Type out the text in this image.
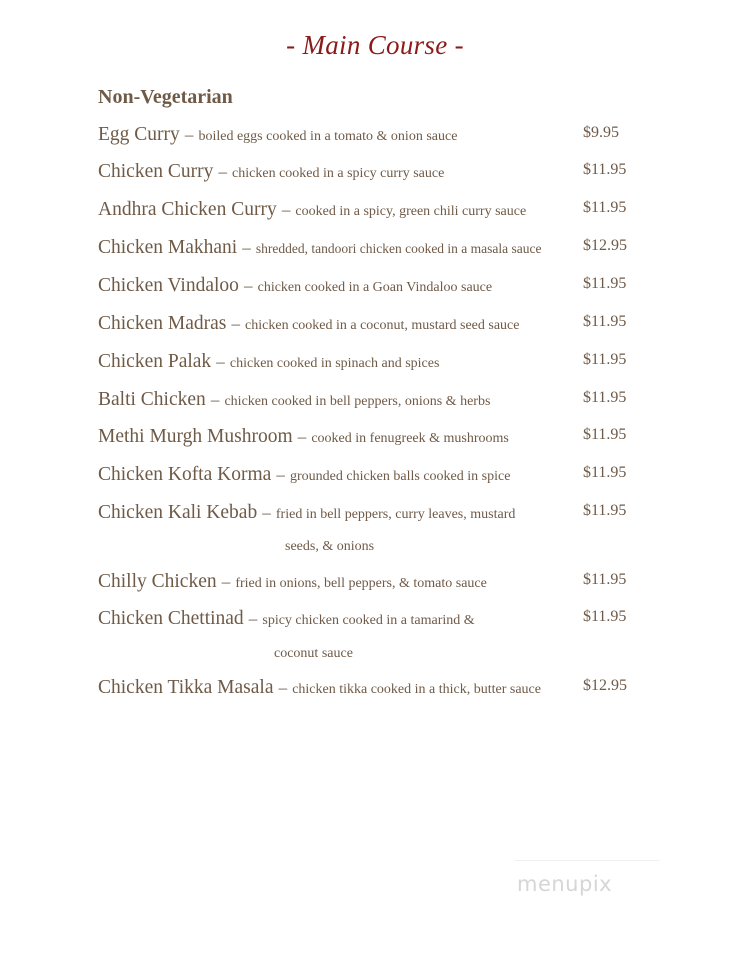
- Main Course -
Non-Vegetarian
Egg Curry – boiled eggs cooked in a tomato & onion sauce	$9.95
Chicken Curry – chicken cooked in a spicy curry sauce	$11.95
Andhra Chicken Curry – cooked in a spicy, green chili curry sauce	$11.95
Chicken Makhani – shredded, tandoori chicken cooked in a masala sauce	$12.95
Chicken Vindaloo – chicken cooked in a Goan Vindaloo sauce	$11.95
Chicken Madras – chicken cooked in a coconut, mustard seed sauce	$11.95
Chicken Palak – chicken cooked in spinach and spices	$11.95
Balti Chicken – chicken cooked in bell peppers, onions & herbs	$11.95
Methi Murgh Mushroom – cooked in fenugreek & mushrooms	$11.95
Chicken Kofta Korma – grounded chicken balls cooked in spice	$11.95
Chicken Kali Kebab – fried in bell peppers, curry leaves, mustard	$11.95
seeds, & onions
Chilly Chicken – fried in onions, bell peppers, & tomato sauce	$11.95
Chicken Chettinad – spicy chicken cooked in a tamarind &	$11.95
coconut sauce
Chicken Tikka Masala – chicken tikka cooked in a thick, butter sauce	$12.95
menupix
